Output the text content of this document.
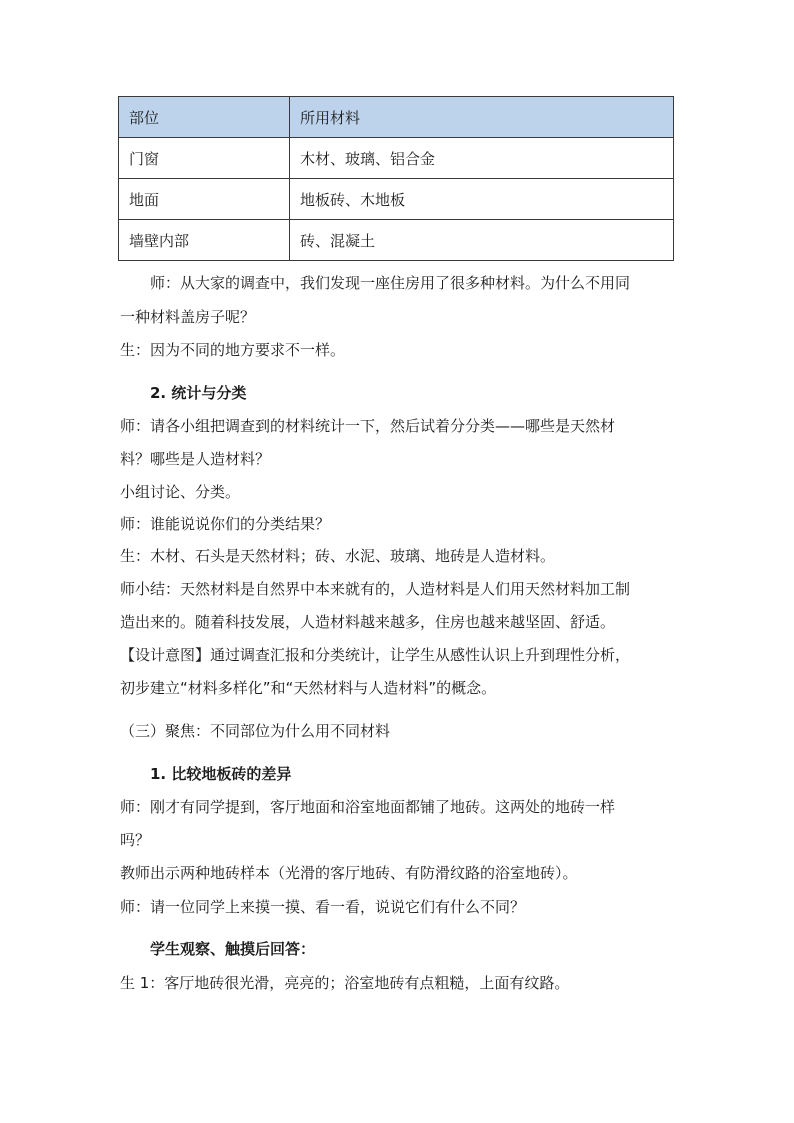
部位	所用材料
门窗	木材、玻璃、铝合金
地面	地板砖、木地板
墙壁内部	砖、混凝土
师：从大家的调查中，我们发现一座住房用了很多种材料。为什么不用同
一种材料盖房子呢？
生：因为不同的地方要求不一样。
2. 统计与分类
师：请各小组把调查到的材料统计一下，然后试着分分类——哪些是天然材
料？哪些是人造材料？
小组讨论、分类。
师：谁能说说你们的分类结果？
生：木材、石头是天然材料；砖、水泥、玻璃、地砖是人造材料。
师小结：天然材料是自然界中本来就有的，人造材料是人们用天然材料加工制
造出来的。随着科技发展，人造材料越来越多，住房也越来越坚固、舒适。
【设计意图】通过调查汇报和分类统计，让学生从感性认识上升到理性分析，
初步建立“材料多样化”和“天然材料与人造材料”的概念。
（三）聚焦：不同部位为什么用不同材料
1. 比较地板砖的差异
师：刚才有同学提到，客厅地面和浴室地面都铺了地砖。这两处的地砖一样
吗？
教师出示两种地砖样本（光滑的客厅地砖、有防滑纹路的浴室地砖）。
师：请一位同学上来摸一摸、看一看，说说它们有什么不同？
学生观察、触摸后回答：
生 1：客厅地砖很光滑，亮亮的；浴室地砖有点粗糙，上面有纹路。
